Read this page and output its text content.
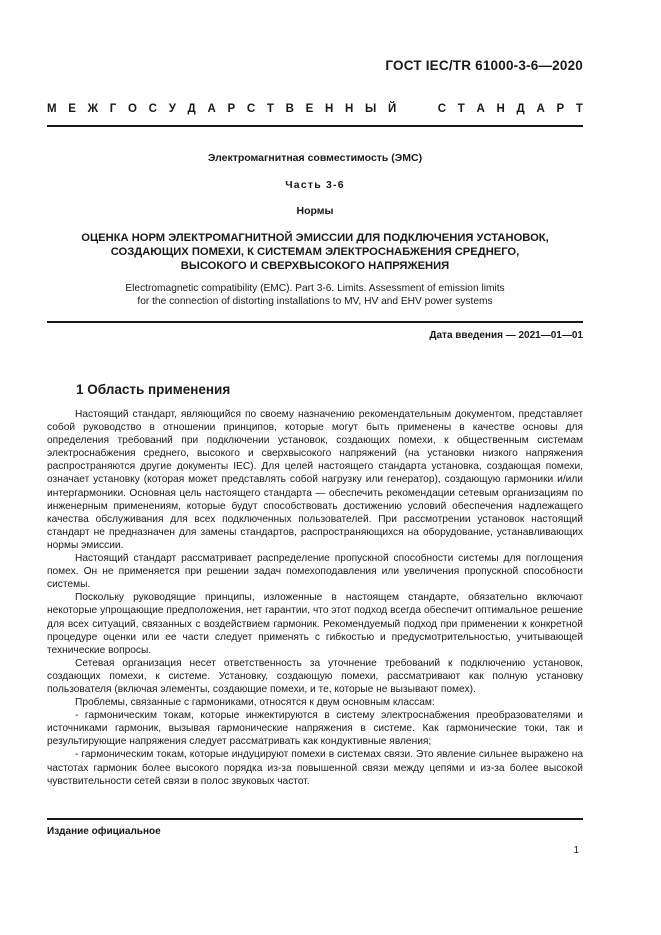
ГОСТ IEC/TR 61000-3-6—2020
М Е Ж Г О С У Д А Р С Т В Е Н Н Ы Й

	С Т А Н Д А Р Т
Электромагнитная совместимость (ЭМС)
Часть 3-6
Нормы
ОЦЕНКА НОРМ ЭЛЕКТРОМАГНИТНОЙ ЭМИССИИ ДЛЯ ПОДКЛЮЧЕНИЯ УСТАНОВОК,
СОЗДАЮЩИХ ПОМЕХИ, К СИСТЕМАМ ЭЛЕКТРОСНАБЖЕНИЯ СРЕДНЕГО,
ВЫСОКОГО И СВЕРХВЫСОКОГО НАПРЯЖЕНИЯ
Electromagnetic compatibility (EMC). Part 3-6. Limits. Assessment of emission limits
for the connection of distorting installations to MV, HV and EHV power systems
Дата введения — 2021—01—01
1 Область применения

Настоящий стандарт, являющийся по своему назначению рекомендательным документом, представляет собой руководство в отношении принципов, которые могут быть применены в качестве основы для определения требований при подключении установок, создающих помехи, к общественным системам электроснабжения среднего, высокого и сверхвысокого напряжений (на установки низкого напряжения распространяются другие документы IEC). Для целей настоящего стандарта установка, создающая помехи, означает установку (которая может представлять собой нагрузку или генератор), создающую гармоники и/или интергармоники. Основная цель настоящего стандарта — обеспечить рекомендации сетевым организациям по инженерным применениям, которые будут способствовать достижению условий обеспечения надлежащего качества обслуживания для всех подключенных пользователей. При рассмотрении установок настоящий стандарт не предназначен для замены стандартов, распространяющихся на оборудование, устанавливающих нормы эмиссии.

Настоящий стандарт рассматривает распределение пропускной способности системы для поглощения помех. Он не применяется при решении задач помехоподавления или увеличения пропускной способности системы.

Поскольку руководящие принципы, изложенные в настоящем стандарте, обязательно включают некоторые упрощающие предположения, нет гарантии, что этот подход всегда обеспечит оптимальное решение для всех ситуаций, связанных с воздействием гармоник. Рекомендуемый подход при применении к конкретной процедуре оценки или ее части следует применять с гибкостью и предусмотрительностью, учитывающей технические вопросы.

Сетевая организация несет ответственность за уточнение требований к подключению установок, создающих помехи, к системе. Установку, создающую помехи, рассматривают как полную установку пользователя (включая элементы, создающие помехи, и те, которые не вызывают помех).

Проблемы, связанные с гармониками, относятся к двум основным классам:

- гармоническим токам, которые инжектируются в систему электроснабжения преобразователями и источниками гармоник, вызывая гармонические напряжения в системе. Как гармонические токи, так и результирующие напряжения следует рассматривать как кондуктивные явления;

- гармоническим токам, которые индуцируют помехи в системах связи. Это явление сильнее выражено на частотах гармоник более высокого порядка из-за повышенной связи между цепями и из-за более высокой чувствительности сетей связи в полос звуковых частот.

Издание официальное
1
